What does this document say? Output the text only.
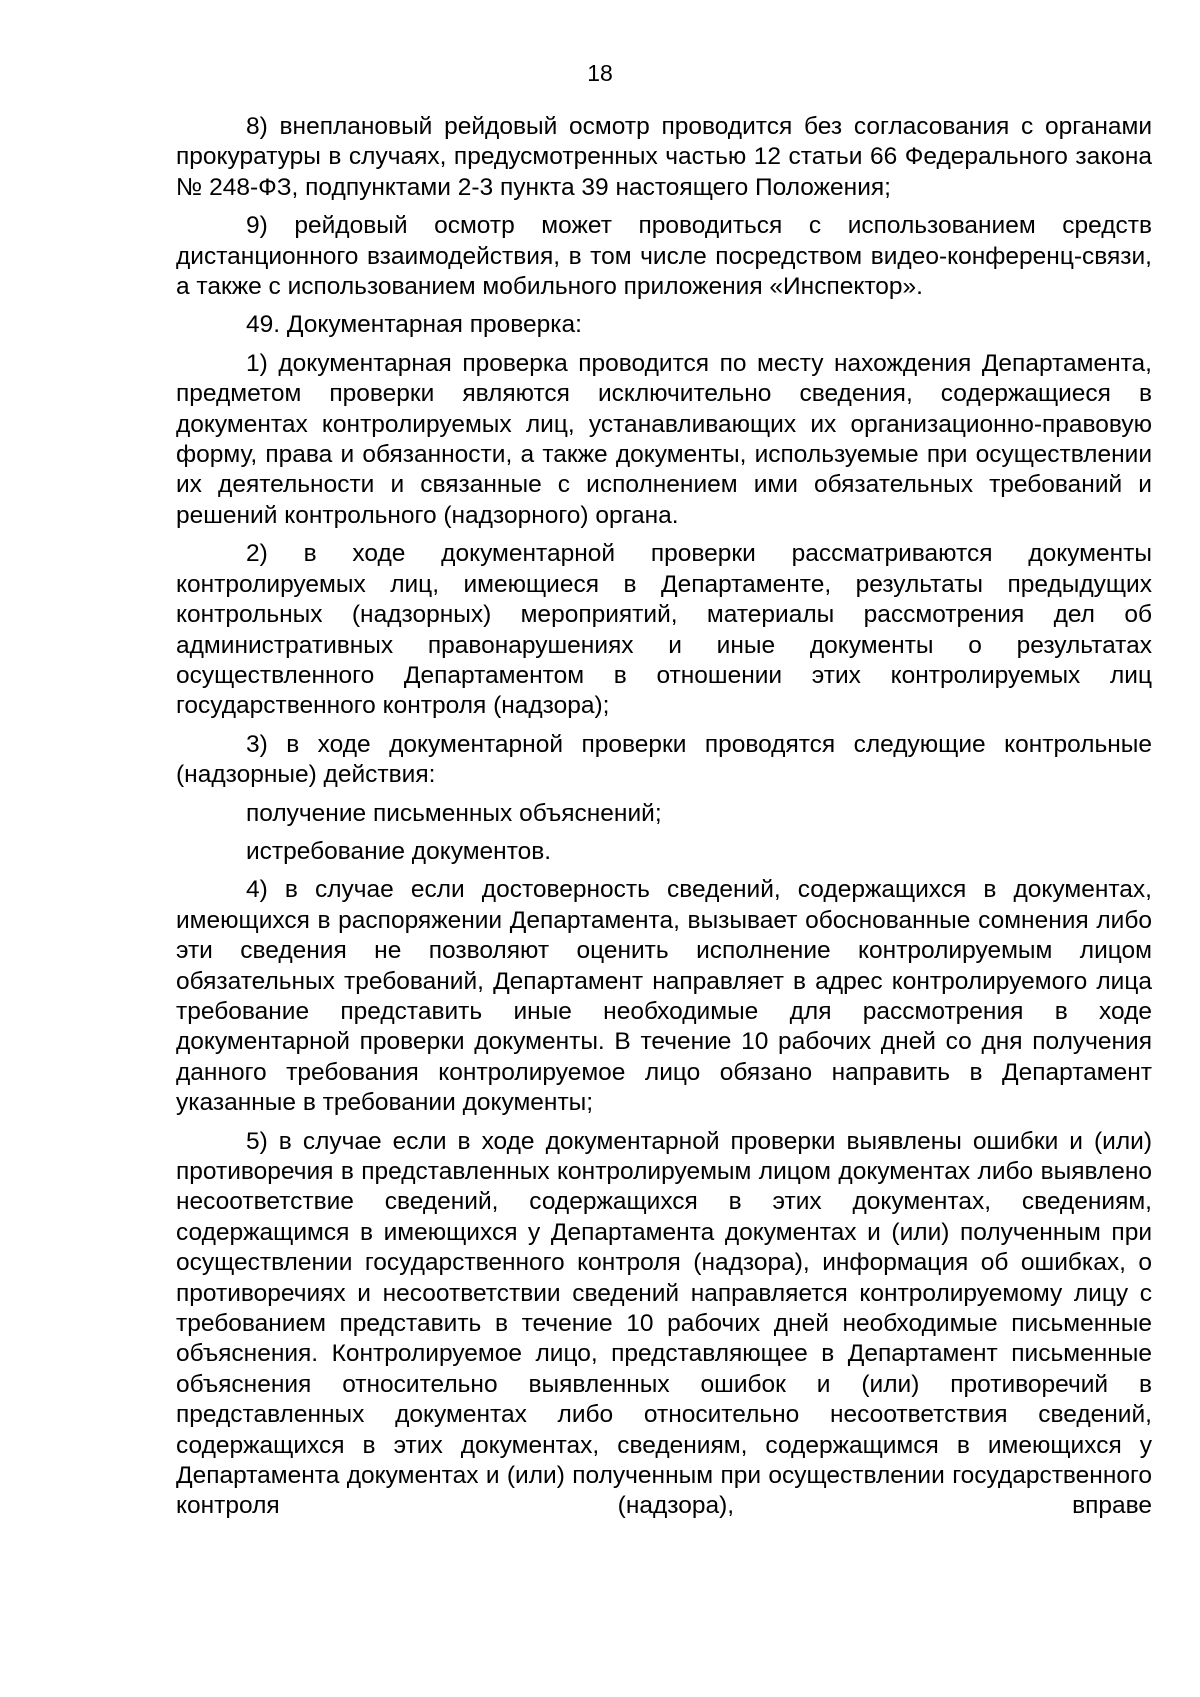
18

8) внеплановый рейдовый осмотр проводится без согласования с органами прокуратуры в случаях, предусмотренных частью 12 статьи 66 Федерального закона № 248-ФЗ, подпунктами 2-3 пункта 39 настоящего Положения;

9) рейдовый осмотр может проводиться с использованием средств дистанционного взаимодействия, в том числе посредством видео-конференц-связи, а также с использованием мобильного приложения «Инспектор».

49. Документарная проверка:

1) документарная проверка проводится по месту нахождения Департамента, предметом проверки являются исключительно сведения, содержащиеся в документах контролируемых лиц, устанавливающих их организационно-правовую форму, права и обязанности, а также документы, используемые при осуществлении их деятельности и связанные с исполнением ими обязательных требований и решений контрольного (надзорного) органа.

2) в ходе документарной проверки рассматриваются документы контролируемых лиц, имеющиеся в Департаменте, результаты предыдущих контрольных (надзорных) мероприятий, материалы рассмотрения дел об административных правонарушениях и иные документы о результатах осуществленного Департаментом в отношении этих контролируемых лиц государственного контроля (надзора);

3) в ходе документарной проверки проводятся следующие контрольные (надзорные) действия:

получение письменных объяснений;

истребование документов.

4) в случае если достоверность сведений, содержащихся в документах, имеющихся в распоряжении Департамента, вызывает обоснованные сомнения либо эти сведения не позволяют оценить исполнение контролируемым лицом обязательных требований, Департамент направляет в адрес контролируемого лица требование представить иные необходимые для рассмотрения в ходе документарной проверки документы. В течение 10 рабочих дней со дня получения данного требования контролируемое лицо обязано направить в Департамент указанные в требовании документы;

5) в случае если в ходе документарной проверки выявлены ошибки и (или) противоречия в представленных контролируемым лицом документах либо выявлено несоответствие сведений, содержащихся в этих документах, сведениям, содержащимся в имеющихся у Департамента документах и (или) полученным при осуществлении государственного контроля (надзора), информация об ошибках, о противоречиях и несоответствии сведений направляется контролируемому лицу с требованием представить в течение 10 рабочих дней необходимые письменные объяснения. Контролируемое лицо, представляющее в Департамент письменные объяснения относительно выявленных ошибок и (или) противоречий в представленных документах либо относительно несоответствия сведений, содержащихся в этих документах, сведениям, содержащимся в имеющихся у Департамента документах и (или) полученным при осуществлении государственного контроля (надзора), вправе
